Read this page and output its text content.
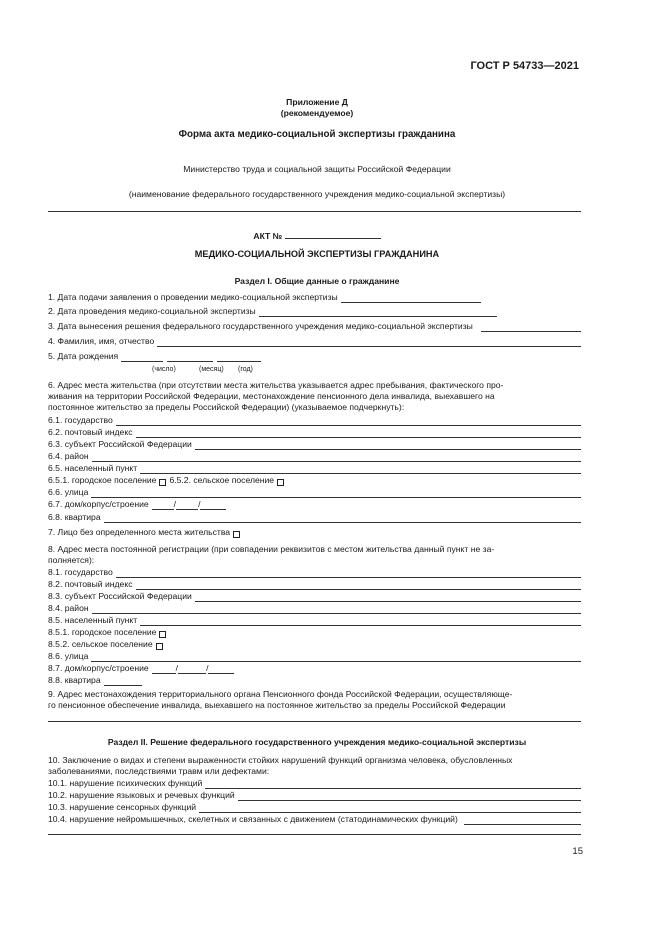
ГОСТ Р 54733—2021
Приложение Д
(рекомендуемое)
Форма акта медико-социальной экспертизы гражданина
Министерство труда и социальной защиты Российской Федерации
(наименование федерального государственного учреждения медико-социальной экспертизы)
АКТ №
МЕДИКО-СОЦИАЛЬНОЙ ЭКСПЕРТИЗЫ ГРАЖДАНИНА
Раздел I. Общие данные о гражданине
1. Дата подачи заявления о проведении медико-социальной экспертизы
2. Дата проведения медико-социальной экспертизы
3. Дата вынесения решения федерального государственного учреждения медико-социальной экспертизы
4. Фамилия, имя, отчество
5. Дата рождения
(число)	(месяц) (год)
6. Адрес места жительства (при отсутствии места жительства указывается адрес пребывания, фактического про-
живания на территории Российской Федерации, местонахождение пенсионного дела инвалида, выехавшего на
постоянное жительство за пределы Российской Федерации) (указываемое подчеркнуть):
6.1. государство
6.2. почтовый индекс
6.3. субъект Российской Федерации
6.4. район
6.5. населенный пункт
6.5.1. городское поселение 6.5.2. сельское поселение
6.6. улица
6.7. дом/корпус/строение	/	/
6.8. квартира
7. Лицо без определенного места жительства
8. Адрес места постоянной регистрации (при совпадении реквизитов с местом жительства данный пункт не за-
полняется):
8.1. государство
8.2. почтовый индекс
8.3. субъект Российской Федерации
8.4. район
8.5. населенный пункт
8.5.1. городское поселение
8.5.2. сельское поселение
8.6. улица
8.7. дом/корпус/строение	/	/
8.8. квартира
9. Адрес местонахождения территориального органа Пенсионного фонда Российской Федерации, осуществляюще-
го пенсионное обеспечение инвалида, выехавшего на постоянное жительство за пределы Российской Федерации
Раздел II. Решение федерального государственного учреждения медико-социальной экспертизы
10. Заключение о видах и степени выраженности стойких нарушений функций организма человека, обусловленных
заболеваниями, последствиями травм или дефектами:
10.1. нарушение психических функций
10.2. нарушение языковых и речевых функций
10.3. нарушение сенсорных функций
10.4. нарушение нейромышечных, скелетных и связанных с движением (статодинамических функций)
15
